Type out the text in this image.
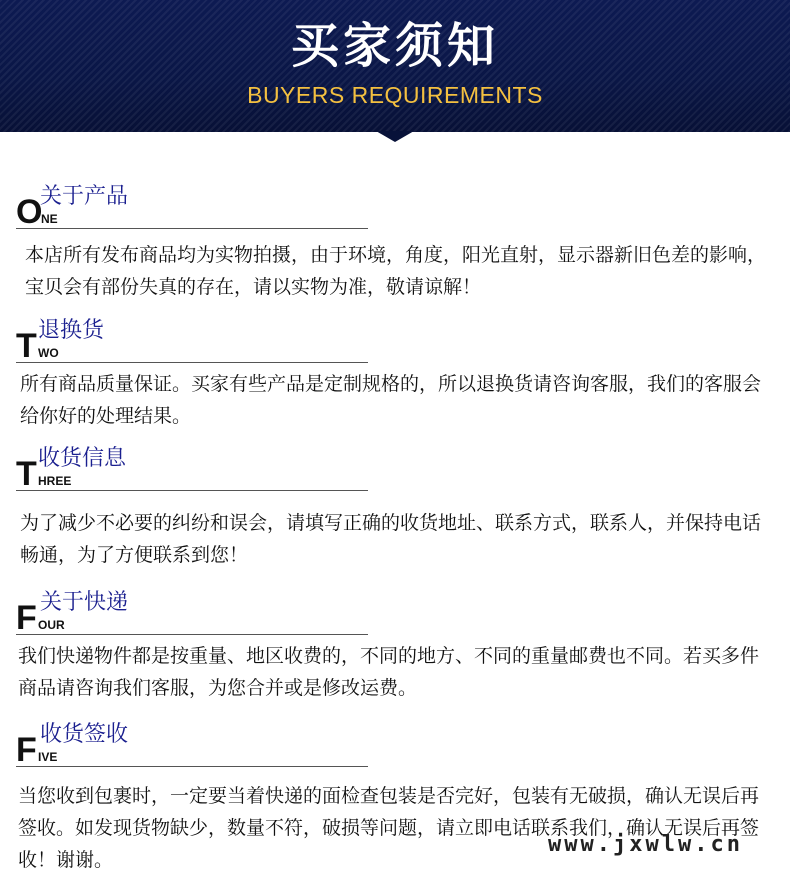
买家须知
BUYERS REQUIREMENTS
O
NE
关于产品
本店所有发布商品均为实物拍摄，由于环境，角度，阳光直射，显示器新旧色差的影响，宝贝会有部份失真的存在，请以实物为准，敬请谅解！
T WO
退换货
所有商品质量保证。买家有些产品是定制规格的，所以退换货请咨询客服，我们的客服会给你好的处理结果。
T HREE
收货信息
为了减少不必要的纠纷和误会，请填写正确的收货地址、联系方式，联系人，并保持电话畅通，为了方便联系到您！
F OUR
关于快递
我们快递物件都是按重量、地区收费的，不同的地方、不同的重量邮费也不同。若买多件商品请咨询我们客服，为您合并或是修改运费。
F IVE
收货签收
当您收到包裹时，一定要当着快递的面检查包装是否完好，包装有无破损，确认无误后再签收。如发现货物缺少，数量不符，破损等问题，请立即电话联系我们，确认无误后再签收！谢谢。
www.jxwlw.cn
